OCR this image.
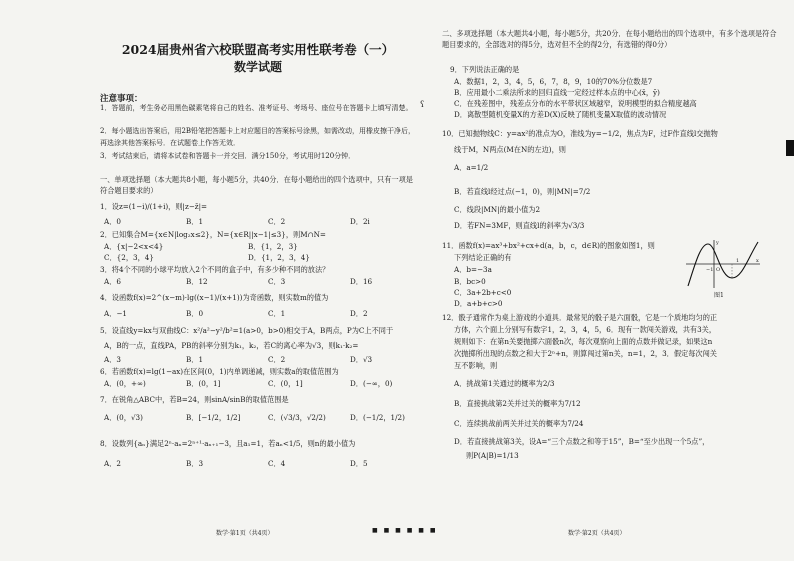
2024届贵州省六校联盟高考实用性联考卷（一）
数学试题
注意事项：
1．答题前，考生务必用黑色碳素笔将自己的姓名、准考证号、考场号、座位号在答题卡上填写清楚。
2．每小题选出答案后，用2B铅笔把答题卡上对应题目的答案标号涂黑，如需改动，用橡皮擦干净后，再选涂其他答案标号．在试题卷上作答无效．
3．考试结束后，请将本试卷和答题卡一并交回．满分150分，考试用时120分钟．
一、单项选择题（本大题共8小题，每小题5分，共40分．在每小题给出的四个选项中，只有一项是符合题目要求的）
1．设z=(1−i)/(1+i)，则|z−z̄|=
A．0	B．1	C．2	D．2i
2．已知集合M={x∈N|log₂x≤2}，N={x∈R||x−1|≤3}，则M∩N=
A．{x|−2<x<4}	B．{1，2，3}
C．{2，3，4}	D．{1，2，3，4}
3．将4个不同的小球平均放入2个不同的盒子中，有多少种不同的放法？
A．6	B．12	C．3	D．16
4．设函数f(x)=2^(x−m)·lg((x−1)/(x+1))为奇函数，则实数m的值为
A．−1	B．0	C．1	D．2
5．设直线y=kx与双曲线C：x²/a²−y²/b²=1(a>0，b>0)相交于A，B两点，P为C上不同于
A，B的一点，直线PA，PB的斜率分别为k₁，k₂，若C的离心率为√3，则k₁·k₂=
A．3	B．1	C．2	D．√3
6．若函数f(x)=lg(1−ax)在区间(0，1)内单调递减，则实数a的取值范围为
A．(0，+∞)	B．(0，1]	C．(0，1]	D．(−∞，0)
7．在锐角△ABC中，若B=24，则sinA/sinB的取值范围是
A．(0，√3)	B．[−1/2，1/2]	C．(√3/3，√2/2)	D．(−1/2，1/2)
8．设数列{aₙ}满足2ⁿ·aₙ=2ⁿ⁺¹·aₙ₊₁−3，且a₁=1，若aₙ<1/5，则n的最小值为
A．2	B．3	C．4	D．5
数学·第1页（共4页）
ʕ
二、多项选择题（本大题共4小题，每小题5分，共20分．在每小题给出的四个选项中，有多个选项是符合题目要求的，全部选对的得5分，选对但不全的得2分，有选错的得0分）
9．下列说法正确的是
A．数据1，2，3，4，5，6，7，8，9，10的70%分位数是7
B．应用最小二乘法所求的回归直线一定经过样本点的中心(x̄，ȳ)
C．在残差图中，残差点分布的水平带状区域越窄，说明模型的拟合精度越高
D．离散型随机变量X的方差D(X)反映了随机变量X取值的波动情况
10．已知抛物线C：y=ax²的准点为O，准线为y=−1/2，焦点为F，过F作直线l交抛物
线于M，N两点(M在N的左边)，则
A．a=1/2
B．若直线l经过点(−1，0)，则|MN|=7/2
C．线段|MN|的最小值为2
D．若FN=3MF，则直线l的斜率为√3/3
11．函数f(x)=ax³+bx²+cx+d(a，b，c，d∈R)的图象如图1，则
下列结论正确的有
A．b=−3a
B．bc>0
C．3a+2b+c<0
D．a+b+c>0
12．骰子通常作为桌上游戏的小道具．最常见的骰子是六面骰，它是一个质地均匀的正
方体，六个面上分别写有数字1，2，3，4，5，6．现有一款闯关游戏，共有3关，
规则如下：在第n关要抛掷六面骰n次，每次观察向上面的点数并做记录，如果这n
次抛掷所出现的点数之和大于2ⁿ+n，则算闯过第n关，n=1，2，3．假定每次闯关
互不影响，则
A．挑战第1关通过的概率为2/3
B．直接挑战第2关并过关的概率为7/12
C．连续挑战前两关并过关的概率为7/24
D．若直接挑战第3关，设A=“三个点数之和等于15”，B=“至少出现一个5点”，
则P(A|B)=1/13
数学·第2页（共4页）
−1 O
1	x
y
图1
■ ■ ■ ■ ■ ■
